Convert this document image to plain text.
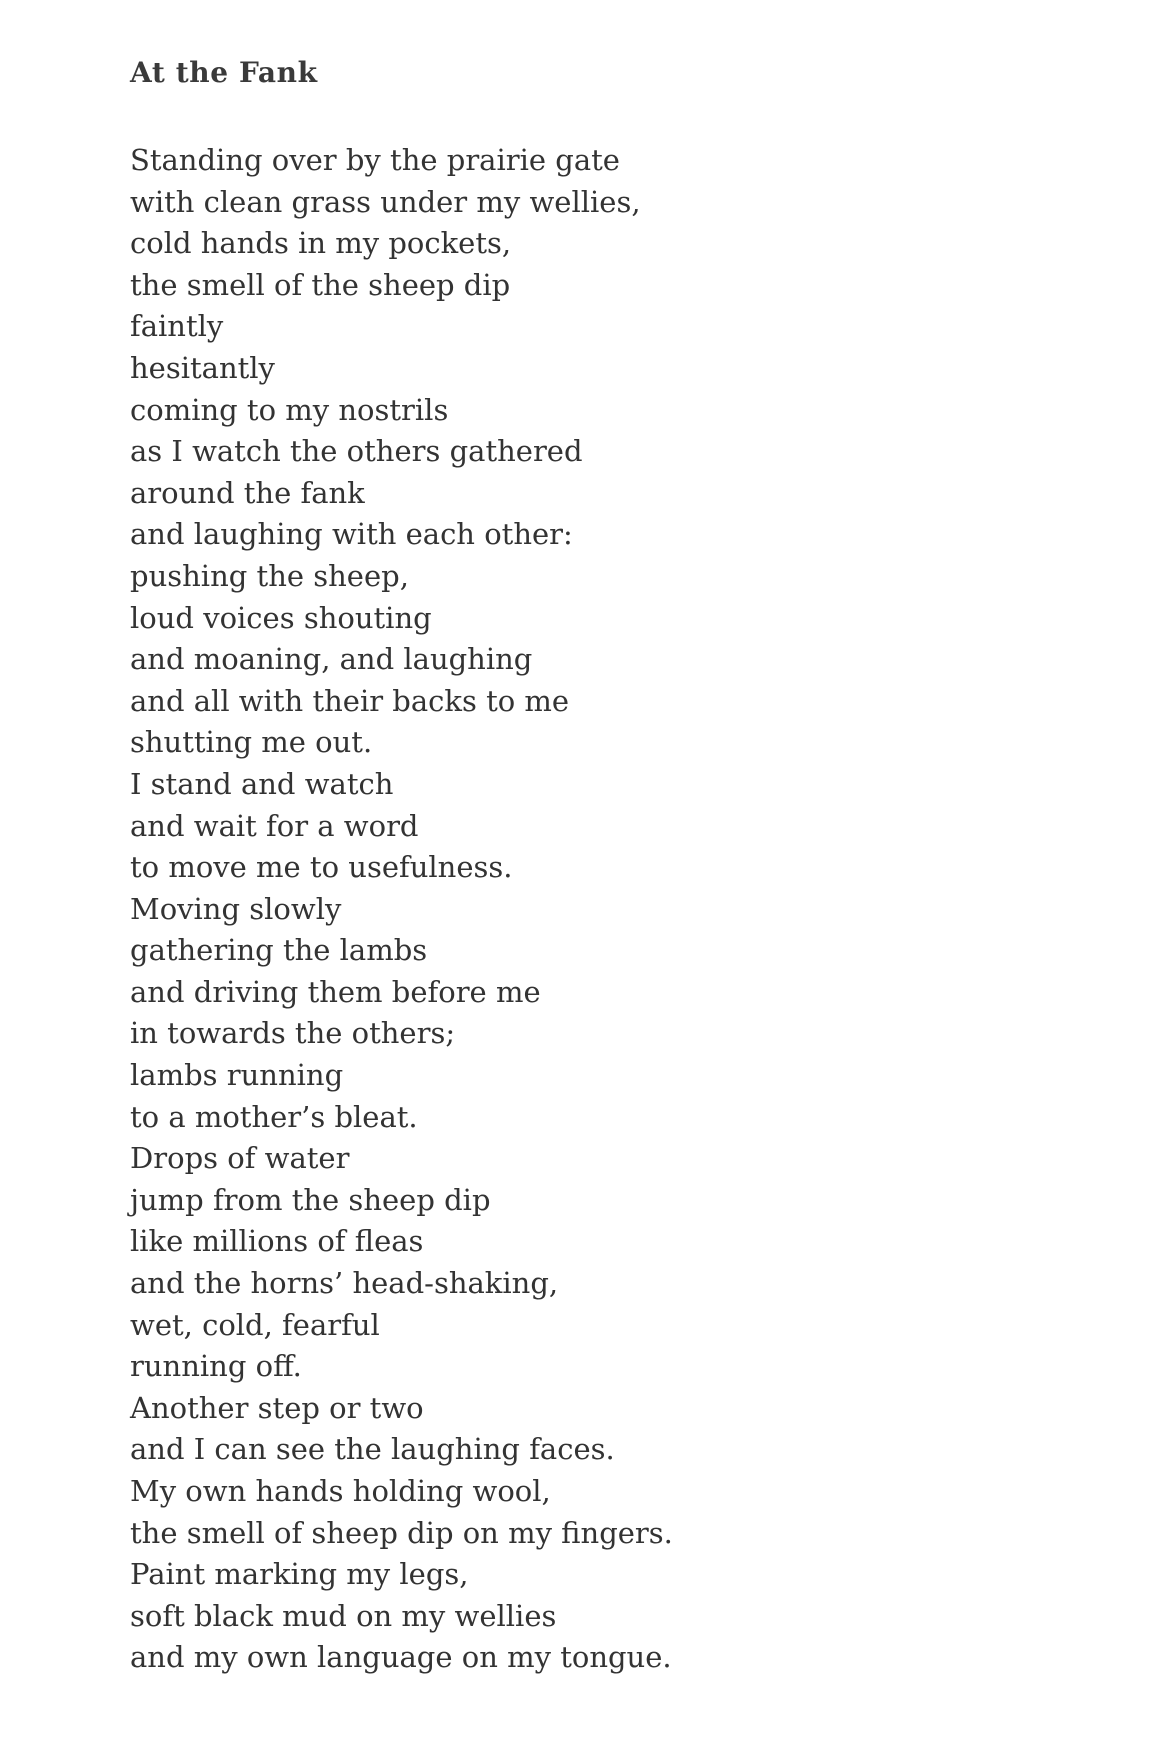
At the Fank
Standing over by the prairie gate
with clean grass under my wellies,
cold hands in my pockets,
the smell of the sheep dip
faintly
hesitantly
coming to my nostrils
as I watch the others gathered
around the fank
and laughing with each other:
pushing the sheep,
loud voices shouting
and moaning, and laughing
and all with their backs to me
shutting me out.
I stand and watch
and wait for a word
to move me to usefulness.
Moving slowly
gathering the lambs
and driving them before me
in towards the others;
lambs running
to a mother’s bleat.
Drops of water
jump from the sheep dip
like millions of fleas
and the horns’ head-shaking,
wet, cold, fearful
running off.
Another step or two
and I can see the laughing faces.
My own hands holding wool,
the smell of sheep dip on my fingers.
Paint marking my legs,
soft black mud on my wellies
and my own language on my tongue.
